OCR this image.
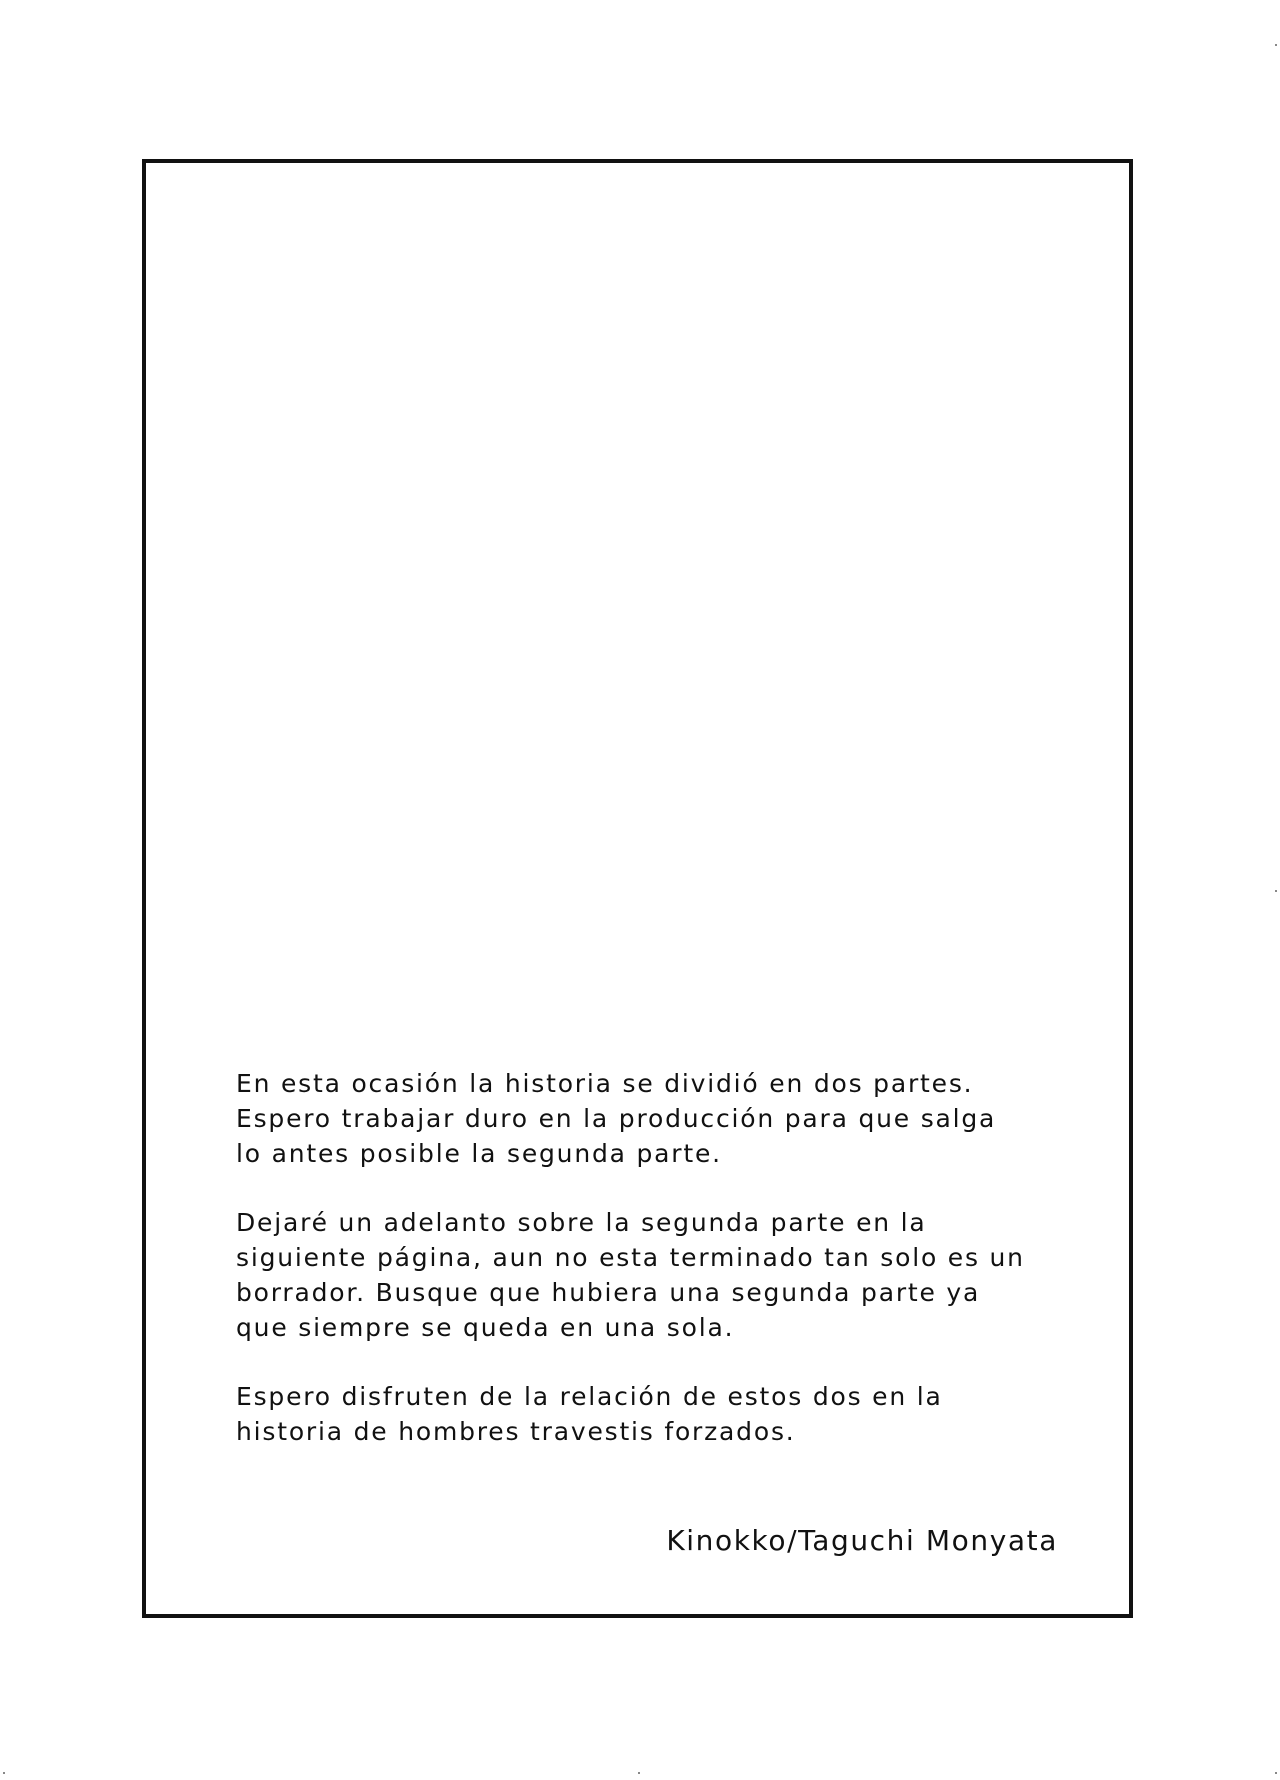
En esta ocasión la historia se dividió en dos partes.
Espero trabajar duro en la producción para que salga
lo antes posible la segunda parte.

Dejaré un adelanto sobre la segunda parte en la
siguiente página, aun no esta terminado tan solo es un
borrador. Busque que hubiera una segunda parte ya
que siempre se queda en una sola.

Espero disfruten de la relación de estos dos en la
historia de hombres travestis forzados.

Kinokko/Taguchi Monyata
